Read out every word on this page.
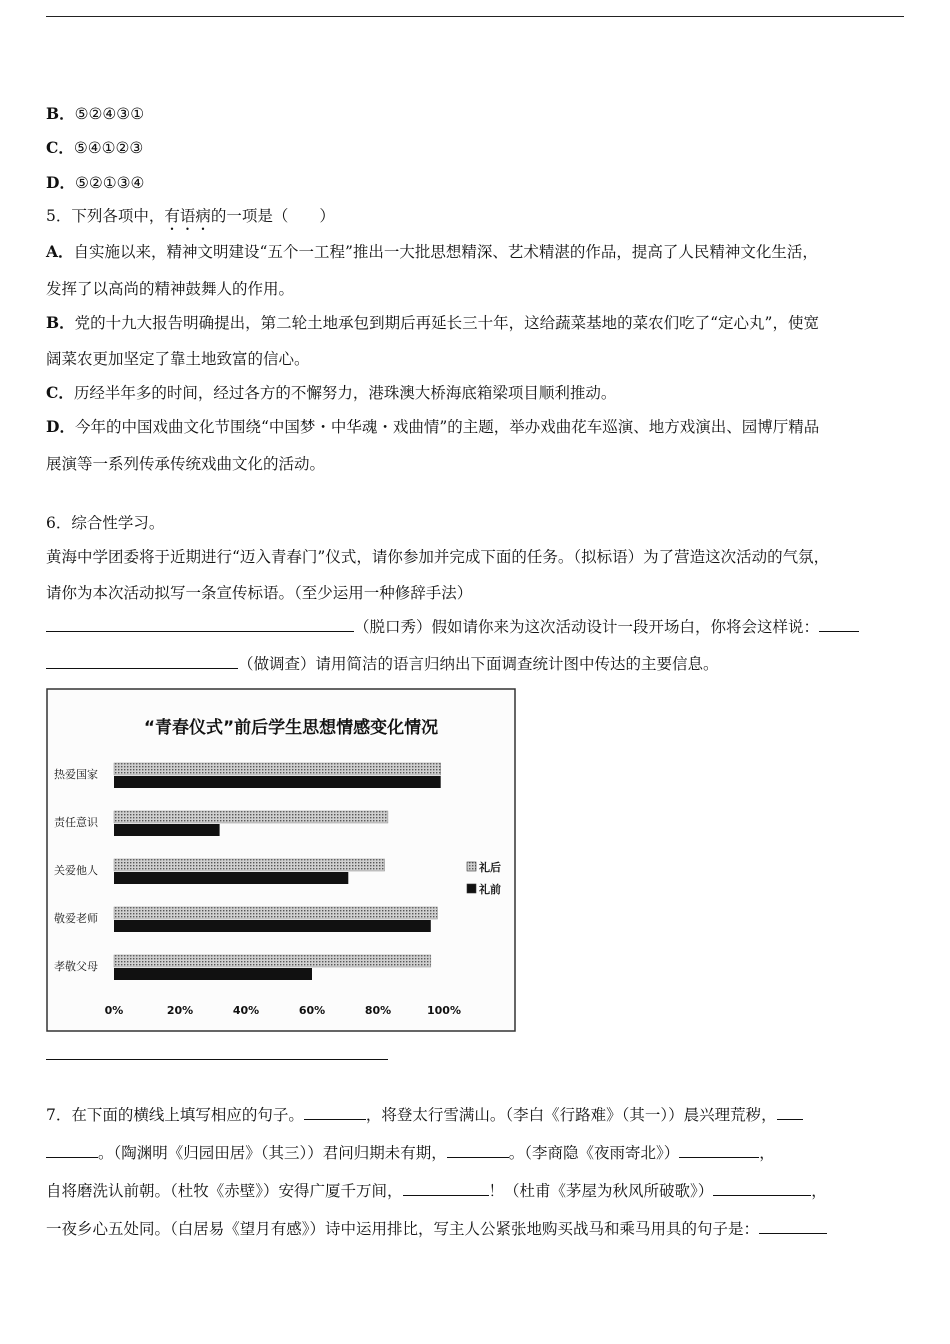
B．⑤②④③①
C．⑤④①②③
D．⑤②①③④
5．下列各项中，有语病的一项是（　　）
A．自实施以来，精神文明建设“五个一工程”推出一大批思想精深、艺术精湛的作品，提高了人民精神文化生活，
发挥了以高尚的精神鼓舞人的作用。
B．党的十九大报告明确提出，第二轮土地承包到期后再延长三十年，这给蔬菜基地的菜农们吃了“定心丸”，使宽
阔菜农更加坚定了靠土地致富的信心。
C．历经半年多的时间，经过各方的不懈努力，港珠澳大桥海底箱梁项目顺利推动。
D．今年的中国戏曲文化节围绕“中国梦・中华魂・戏曲情”的主题，举办戏曲花车巡演、地方戏演出、园博厅精品
展演等一系列传承传统戏曲文化的活动。
6．综合性学习。
黄海中学团委将于近期进行“迈入青春门”仪式，请你参加并完成下面的任务。（拟标语）为了营造这次活动的气氛，
请你为本次活动拟写一条宣传标语。（至少运用一种修辞手法）
（脱口秀）假如请你来为这次活动设计一段开场白，你将会这样说：
（做调查）请用简洁的语言归纳出下面调查统计图中传达的主要信息。
“青春仪式”前后学生思想情感变化情况
热爱国家
责任意识
关爱他人
敬爱老师
孝敬父母
0%	20%	40%	60%	80%	100%
礼后
礼前
7．在下面的横线上填写相应的句子。	，将登太行雪满山。（李白《行路难》（其一））晨兴理荒秽，
。（陶渊明《归园田居》（其三））君问归期未有期，	。（李商隐《夜雨寄北》）	，
自将磨洗认前朝。（杜牧《赤壁》）安得广厦千万间，	！（杜甫《茅屋为秋风所破歌》）	，
一夜乡心五处同。（白居易《望月有感》）诗中运用排比，写主人公紧张地购买战马和乘马用具的句子是：
